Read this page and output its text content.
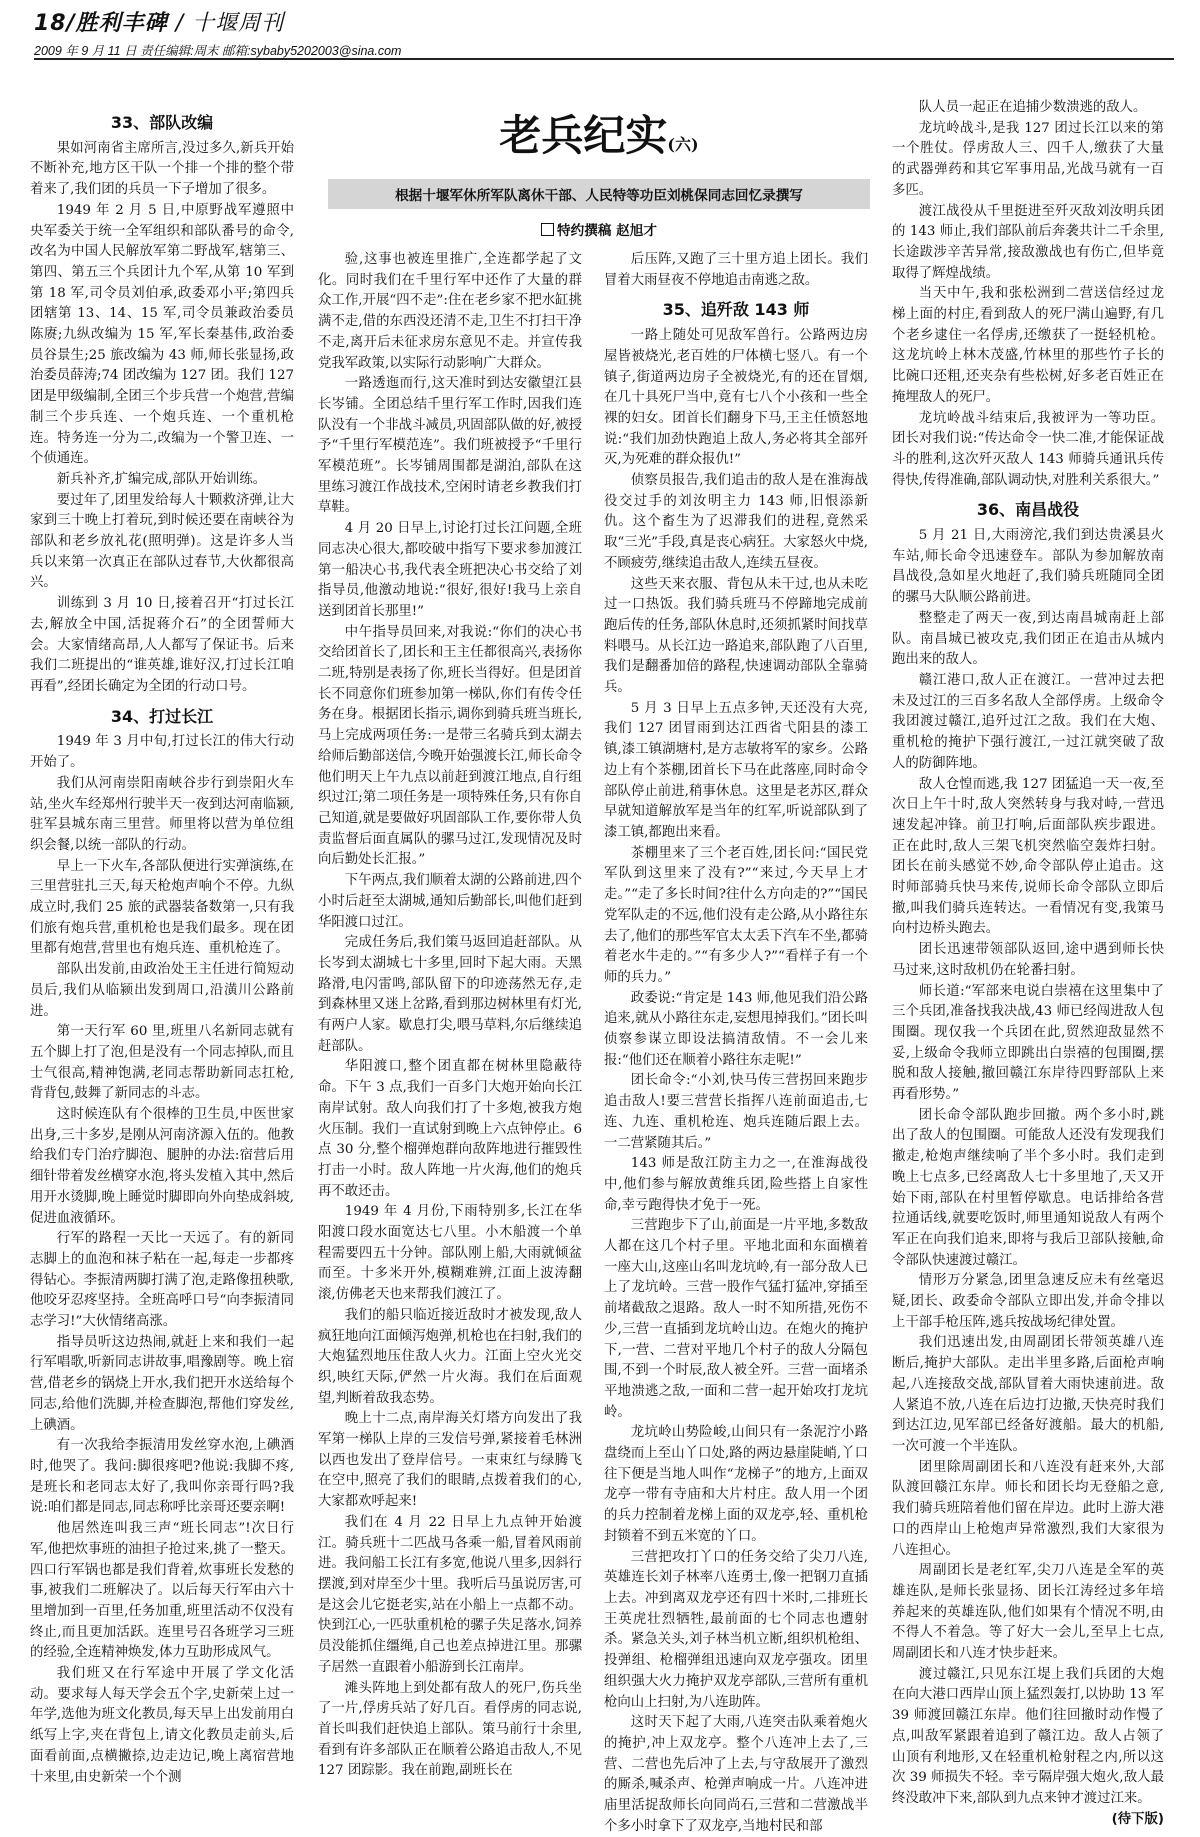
18/胜利丰碑 / 十堰周刊
2009 年 9 月 11 日 责任编辑:周末 邮箱:sybaby5202003@sina.com
老兵纪实(六)
根据十堰军休所军队离休干部、人民特等功臣刘桃保同志回忆录撰写
特约撰稿 赵旭才
33、部队改编

果如河南省主席所言,没过多久,新兵开始不断补充,地方区干队一个排一个排的整个带着来了,我们团的兵员一下子增加了很多。

1949 年 2 月 5 日,中原野战军遵照中央军委关于统一全军组织和部队番号的命令,改名为中国人民解放军第二野战军,辖第三、第四、第五三个兵团计九个军,从第 10 军到第 18 军,司令员刘伯承,政委邓小平;第四兵团辖第 13、14、15 军,司令员兼政治委员陈赓;九纵改编为 15 军,军长秦基伟,政治委员谷景生;25 旅改编为 43 师,师长张显扬,政治委员薛涛;74 团改编为 127 团。我们 127 团是甲级编制,全团三个步兵营一个炮营,营编制三个步兵连、一个炮兵连、一个重机枪连。特务连一分为二,改编为一个警卫连、一个侦通连。

新兵补齐,扩编完成,部队开始训练。

要过年了,团里发给每人十颗救济弹,让大家到三十晚上打着玩,到时候还要在南峡谷为部队和老乡放礼花(照明弹)。这是许多人当兵以来第一次真正在部队过春节,大伙都很高兴。

训练到 3 月 10 日,接着召开“打过长江去,解放全中国,活捉蒋介石”的全团誓师大会。大家情绪高昂,人人都写了保证书。后来我们二班提出的“谁英雄,谁好汉,打过长江咱再看”,经团长确定为全团的行动口号。

34、打过长江

1949 年 3 月中旬,打过长江的伟大行动开始了。

我们从河南崇阳南峡谷步行到崇阳火车站,坐火车经郑州行驶半天一夜到达河南临颍,驻军县城东南三里营。师里将以营为单位组织会餐,以统一部队的行动。

早上一下火车,各部队便进行实弹演练,在三里营驻扎三天,每天枪炮声响个不停。九纵成立时,我们 25 旅的武器装备数第一,只有我们旅有炮兵营,重机枪也是我们最多。现在团里都有炮营,营里也有炮兵连、重机枪连了。

部队出发前,由政治处王主任进行简短动员后,我们从临颍出发到周口,沿潢川公路前进。

第一天行军 60 里,班里八名新同志就有五个脚上打了泡,但是没有一个同志掉队,而且士气很高,精神饱满,老同志帮助新同志扛枪,背背包,鼓舞了新同志的斗志。

这时候连队有个很棒的卫生员,中医世家出身,三十多岁,是刚从河南济源入伍的。他教给我们专门治疗脚泡、腿肿的办法:宿营后用细针带着发丝横穿水泡,将头发植入其中,然后用开水烫脚,晚上睡觉时脚即向外向垫成斜坡,促进血液循环。

行军的路程一天比一天远了。有的新同志脚上的血泡和袜子粘在一起,每走一步都疼得钻心。李振清两脚打满了泡,走路像扭秧歌,他咬牙忍疼坚持。全班高呼口号“向李振清同志学习!”大伙情绪高涨。

指导员听这边热闹,就赶上来和我们一起行军唱歌,听新同志讲故事,唱豫剧等。晚上宿营,借老乡的锅烧上开水,我们把开水送给每个同志,给他们洗脚,并检查脚泡,帮他们穿发丝,上碘酒。

有一次我给李振清用发丝穿水泡,上碘酒时,他哭了。我问:脚很疼吧?他说:我脚不疼,是班长和老同志太好了,我叫你亲哥行吗?我说:咱们都是同志,同志称呼比亲哥还要亲啊!

他居然连叫我三声“班长同志”!次日行军,他把炊事班的油担子抢过来,挑了一整天。四口行军锅也都是我们背着,炊事班长发愁的事,被我们二班解决了。以后每天行军由六十里增加到一百里,任务加重,班里活动不仅没有终止,而且更加活跃。连里号召各班学习三班的经验,全连精神焕发,体力互助形成风气。

我们班又在行军途中开展了学文化活动。要求每人每天学会五个字,史新荣上过一年学,选他为班文化教员,每天早上出发前用白纸写上字,夹在背包上,请文化教员走前头,后面看前面,点横撇捺,边走边记,晚上离宿营地十来里,由史新荣一个个测

验,这事也被连里推广,全连都学起了文化。同时我们在千里行军中还作了大量的群众工作,开展“四不走”:住在老乡家不把水缸挑满不走,借的东西没还清不走,卫生不打扫干净不走,离开后未征求房东意见不走。并宣传我党我军政策,以实际行动影响广大群众。

一路透迤而行,这天准时到达安徽望江县长岑铺。全团总结千里行军工作时,因我们连队没有一个非战斗减员,巩固部队做的好,被授予“千里行军模范连”。我们班被授予“千里行军模范班”。长岑铺周围都是湖泊,部队在这里练习渡江作战技术,空闲时请老乡教我们打草鞋。

4 月 20 日早上,讨论打过长江问题,全班同志决心很大,都咬破中指写下要求参加渡江第一船决心书,我代表全班把决心书交给了刘指导员,他激动地说:“很好,很好!我马上亲自送到团首长那里!”

中午指导员回来,对我说:“你们的决心书交给团首长了,团长和王主任都很高兴,表扬你二班,特别是表扬了你,班长当得好。但是团首长不同意你们班参加第一梯队,你们有传令任务在身。根据团长指示,调你到骑兵班当班长,马上完成两项任务:一是带三名骑兵到太湖去给师后勤部送信,今晚开始强渡长江,师长命令他们明天上午九点以前赶到渡江地点,自行组织过江;第二项任务是一项特殊任务,只有你自己知道,就是要做好巩固部队工作,要你带人负责监督后面直属队的骡马过江,发现情况及时向后勤处长汇报。”

下午两点,我们顺着太湖的公路前进,四个小时后赶至太湖城,通知后勤部长,叫他们赶到华阳渡口过江。

完成任务后,我们策马返回追赶部队。从长岑到太湖城七十多里,回时下起大雨。天黑路滑,电闪雷鸣,部队留下的印迹荡然无存,走到森林里又迷上岔路,看到那边树林里有灯光,有两户人家。歇息打尖,喂马草料,尔后继续追赶部队。

华阳渡口,整个团直都在树林里隐蔽待命。下午 3 点,我们一百多门大炮开始向长江南岸试射。敌人向我们打了十多炮,被我方炮火压制。我们一直试射到晚上六点钟停止。6 点 30 分,整个榴弹炮群向敌阵地进行摧毁性打击一小时。敌人阵地一片火海,他们的炮兵再不敢还击。

1949 年 4 月份,下雨特别多,长江在华阳渡口段水面宽达七八里。小木船渡一个单程需要四五十分钟。部队刚上船,大雨就倾盆而至。十多米开外,模糊难辨,江面上波涛翻滚,仿佛老天也来帮我们渡江了。

我们的船只临近接近敌时才被发现,敌人疯狂地向江面倾泻炮弹,机枪也在扫射,我们的大炮猛烈地压住敌人火力。江面上空火光交织,映红天际,俨然一片火海。我们在后面观望,判断着敌我态势。

晚上十二点,南岸海关灯塔方向发出了我军第一梯队上岸的三发信号弹,紧接着毛林洲以西也发出了登岸信号。一束束红与绿腾飞在空中,照亮了我们的眼睛,点拨着我们的心,大家都欢呼起来!

我们在 4 月 22 日早上九点钟开始渡江。骑兵班十二匹战马各乘一船,冒着风雨前进。我问船工长江有多宽,他说八里多,因斜行摆渡,到对岸至少十里。我听后马虽说厉害,可是这会儿它挺老实,站在小船上一点都不动。快到江心,一匹驮重机枪的骡子失足落水,饲养员没能抓住缰绳,自己也差点掉进江里。那骡子居然一直跟着小船游到长江南岸。

滩头阵地上到处都有敌人的死尸,伤兵坐了一片,俘虏兵站了好几百。看俘虏的同志说,首长叫我们赶快追上部队。策马前行十余里,看到有许多部队正在顺着公路追击敌人,不见 127 团踪影。我在前跑,副班长在

后压阵,又跑了三十里方追上团长。我们冒着大雨昼夜不停地追击南逃之敌。

35、追歼敌 143 师

一路上随处可见敌军兽行。公路两边房屋皆被烧光,老百姓的尸体横七竖八。有一个镇子,街道两边房子全被烧光,有的还在冒烟,在几十具死尸当中,竟有七八个小孩和一些全裸的妇女。团首长们翻身下马,王主任愤怒地说:“我们加劲快跑追上敌人,务必将其全部歼灭,为死难的群众报仇!”

侦察员报告,我们追击的敌人是在淮海战役交过手的刘汝明主力 143 师,旧恨添新仇。这个畜生为了迟滞我们的进程,竟然采取“三光”手段,真是丧心病狂。大家怒火中烧,不顾疲劳,继续追击敌人,连续五昼夜。

这些天来衣服、背包从未干过,也从未吃过一口热饭。我们骑兵班马不停蹄地完成前跑后传的任务,部队休息时,还须抓紧时间找草料喂马。从长江边一路追来,部队跑了八百里,我们是翻番加倍的路程,快速调动部队全靠骑兵。

5 月 3 日早上五点多钟,天还没有大亮,我们 127 团冒雨到达江西省弋阳县的漆工镇,漆工镇湖塘村,是方志敏将军的家乡。公路边上有个茶棚,团首长下马在此落座,同时命令部队停止前进,稍事休息。这里是老苏区,群众早就知道解放军是当年的红军,听说部队到了漆工镇,都跑出来看。

茶棚里来了三个老百姓,团长问:“国民党军队到这里来了没有?”“来过,今天早上才走。”“走了多长时间?往什么方向走的?”“国民党军队走的不远,他们没有走公路,从小路往东去了,他们的那些军官太太丢下汽车不坐,都骑着老水牛走的。”“有多少人?”“看样子有一个师的兵力。”

政委说:“肯定是 143 师,他见我们沿公路追来,就从小路往东走,妄想甩掉我们。”团长叫侦察参谋立即设法搞清敌情。不一会儿来报:“他们还在顺着小路往东走呢!”

团长命令:“小刘,快马传三营拐回来跑步追击敌人!要三营营长指挥八连前面追击,七连、九连、重机枪连、炮兵连随后跟上去。一二营紧随其后。”

143 师是敌江防主力之一,在淮海战役中,他们参与解放黄维兵团,险些搭上自家性命,幸亏跑得快才免于一死。

三营跑步下了山,前面是一片平地,多数敌人都在这几个村子里。平地北面和东面横着一座大山,这座山名叫龙坑岭,有一部分敌人已上了龙坑岭。三营一股作气猛打猛冲,穿插至前堵截敌之退路。敌人一时不知所措,死伤不少,三营一直插到龙坑岭山边。在炮火的掩护下,一营、二营对平地几个村子的敌人分隔包围,不到一个时辰,敌人被全歼。三营一面堵杀平地溃逃之敌,一面和二营一起开始攻打龙坑岭。

龙坑岭山势险峻,山间只有一条泥泞小路盘绕而上至山丫口处,路的两边悬崖陡峭,丫口往下便是当地人叫作“龙梯子”的地方,上面双龙亭一带有寺庙和大片村庄。敌人用一个团的兵力控制着龙梯上面的双龙亭,轻、重机枪封锁着不到五米宽的丫口。

三营把攻打丫口的任务交给了尖刀八连,英雄连长刘子林率八连勇士,像一把钢刀直插上去。冲到离双龙亭还有四十米时,二排班长王英虎壮烈牺牲,最前面的七个同志也遭射杀。紧急关头,刘子林当机立断,组织机枪组、投弹组、枪榴弹组迅速向双龙亭强攻。团里组织强大火力掩护双龙亭部队,三营所有重机枪向山上扫射,为八连助阵。

这时天下起了大雨,八连突击队乘着炮火的掩护,冲上双龙亭。整个八连冲上去了,三营、二营也先后冲了上去,与守敌展开了激烈的厮杀,喊杀声、枪弹声响成一片。八连冲进庙里活捉敌师长向同尚石,三营和二营激战半个多小时拿下了双龙亭,当地村民和部

队人员一起正在追捕少数溃逃的敌人。

龙坑岭战斗,是我 127 团过长江以来的第一个胜仗。俘虏敌人三、四千人,缴获了大量的武器弹药和其它军事用品,光战马就有一百多匹。

渡江战役从千里挺进至歼灭敌刘汝明兵团的 143 师止,我们部队前后奔袭共计二千余里,长途跋涉辛苦异常,接敌激战也有伤亡,但毕竟取得了辉煌战绩。

当天中午,我和张松洲到二营送信经过龙梯上面的村庄,看到敌人的死尸满山遍野,有几个老乡逮住一名俘虏,还缴获了一挺轻机枪。这龙坑岭上林木茂盛,竹林里的那些竹子长的比碗口还粗,还夹杂有些松树,好多老百姓正在掩埋敌人的死尸。

龙坑岭战斗结束后,我被评为一等功臣。团长对我们说:“传达命令一快二准,才能保证战斗的胜利,这次歼灭敌人 143 师骑兵通讯兵传得快,传得准确,部队调动快,对胜利关系很大。”

36、南昌战役

5 月 21 日,大雨滂沱,我们到达贵溪县火车站,师长命令迅速登车。部队为参加解放南昌战役,急如星火地赶了,我们骑兵班随同全团的骡马大队顺公路前进。

整整走了两天一夜,到达南昌城南赶上部队。南昌城已被攻克,我们团正在追击从城内跑出来的敌人。

赣江港口,敌人正在渡江。一营冲过去把未及过江的三百多名敌人全部俘虏。上级命令我团渡过赣江,追歼过江之敌。我们在大炮、重机枪的掩护下强行渡江,一过江就突破了敌人的防御阵地。

敌人仓惶而逃,我 127 团猛追一天一夜,至次日上午十时,敌人突然转身与我对峙,一营迅速发起冲锋。前卫打响,后面部队疾步跟进。正在此时,敌人三架飞机突然临空轰炸扫射。团长在前头感觉不妙,命令部队停止追击。这时师部骑兵快马来传,说师长命令部队立即后撤,叫我们骑兵连转达。一看情况有变,我策马向村边桥头跑去。

团长迅速带领部队返回,途中遇到师长快马过来,这时敌机仍在轮番扫射。

师长道:“军部来电说白崇禧在这里集中了三个兵团,准备找我决战,43 师已经闯进敌人包围圈。现仅我一个兵团在此,贸然迎敌显然不妥,上级命令我师立即跳出白崇禧的包围圈,摆脱和敌人接触,撤回赣江东岸待四野部队上来再看形势。”

团长命令部队跑步回撤。两个多小时,跳出了敌人的包围圈。可能敌人还没有发现我们撤走,枪炮声继续响了半个多小时。我们走到晚上七点多,已经离敌人七十多里地了,天又开始下雨,部队在村里暂停歇息。电话排给各营拉通话线,就要吃饭时,师里通知说敌人有两个军正在向我们追来,即将与我后卫部队接触,命令部队快速渡过赣江。

情形万分紧急,团里急速反应未有丝毫迟疑,团长、政委命令部队立即出发,并命令排以上干部手枪压阵,逃兵按战场纪律处置。

我们迅速出发,由周副团长带领英雄八连断后,掩护大部队。走出半里多路,后面枪声响起,八连接敌交战,部队冒着大雨快速前进。敌人紧追不放,八连在后边打边撤,天快亮时我们到达江边,见军部已经备好渡船。最大的机船,一次可渡一个半连队。

团里除周副团长和八连没有赶来外,大部队渡回赣江东岸。师长和团长均无登船之意,我们骑兵班陪着他们留在岸边。此时上游大港口的西岸山上枪炮声异常激烈,我们大家很为八连担心。

周副团长是老红军,尖刀八连是全军的英雄连队,是师长张显扬、团长江涛经过多年培养起来的英雄连队,他们如果有个情况不明,由不得人不着急。等了好大一会儿,至早上七点,周副团长和八连才快步赶来。

渡过赣江,只见东江堤上我们兵团的大炮在向大港口西岸山顶上猛烈轰打,以协助 13 军 39 师渡回赣江东岸。他们往回撤时动作慢了点,叫敌军紧跟着追到了赣江边。敌人占领了山顶有利地形,又在轻重机枪射程之内,所以这次 39 师损失不轻。幸亏隔岸强大炮火,敌人最终没敢冲下来,部队到九点来钟才渡过江来。

(待下版)
